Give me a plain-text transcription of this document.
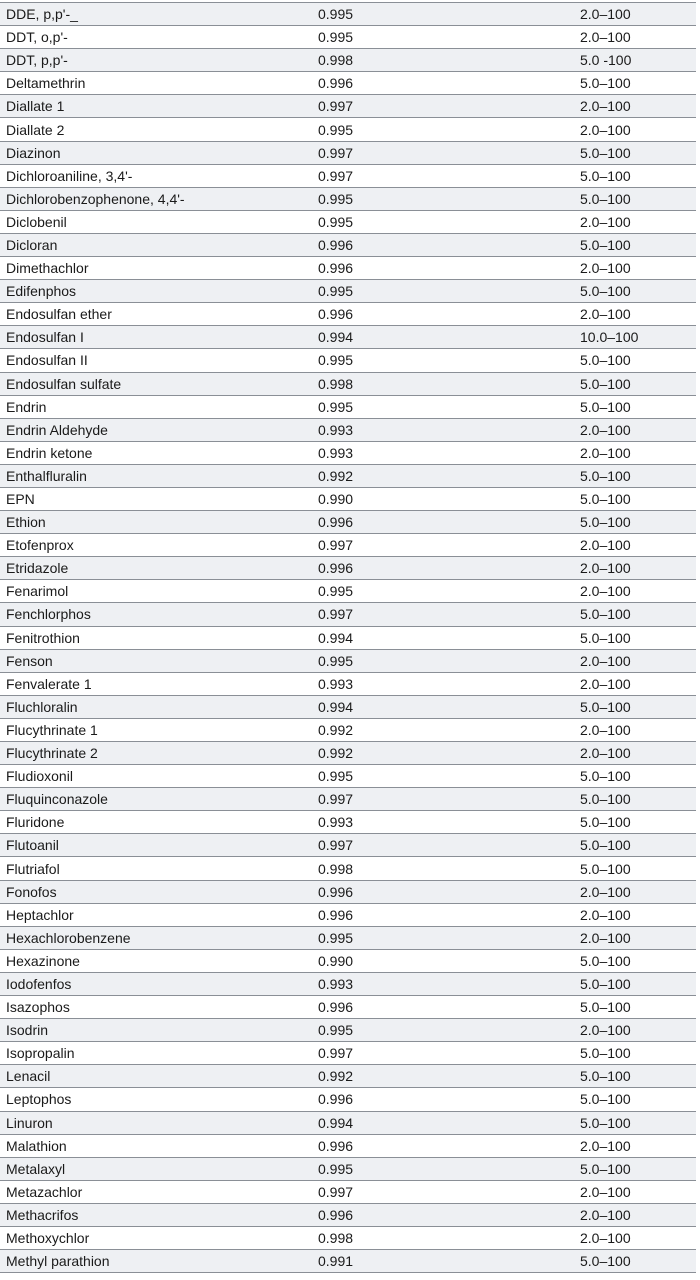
DDE, p,p'-_	0.995	2.0–100
DDT, o,p'-	0.995	2.0–100
DDT, p,p'-	0.998	5.0 -100
Deltamethrin	0.996	5.0–100
Diallate 1	0.997	2.0–100
Diallate 2	0.995	2.0–100
Diazinon	0.997	5.0–100
Dichloroaniline, 3,4'-	0.997	5.0–100
Dichlorobenzophenone, 4,4'-	0.995	5.0–100
Diclobenil	0.995	2.0–100
Dicloran	0.996	5.0–100
Dimethachlor	0.996	2.0–100
Edifenphos	0.995	5.0–100
Endosulfan ether	0.996	2.0–100
Endosulfan I	0.994	10.0–100
Endosulfan II	0.995	5.0–100
Endosulfan sulfate	0.998	5.0–100
Endrin	0.995	5.0–100
Endrin Aldehyde	0.993	2.0–100
Endrin ketone	0.993	2.0–100
Enthalfluralin	0.992	5.0–100
EPN	0.990	5.0–100
Ethion	0.996	5.0–100
Etofenprox	0.997	2.0–100
Etridazole	0.996	2.0–100
Fenarimol	0.995	2.0–100
Fenchlorphos	0.997	5.0–100
Fenitrothion	0.994	5.0–100
Fenson	0.995	2.0–100
Fenvalerate 1	0.993	2.0–100
Fluchloralin	0.994	5.0–100
Flucythrinate 1	0.992	2.0–100
Flucythrinate 2	0.992	2.0–100
Fludioxonil	0.995	5.0–100
Fluquinconazole	0.997	5.0–100
Fluridone	0.993	5.0–100
Flutoanil	0.997	5.0–100
Flutriafol	0.998	5.0–100
Fonofos	0.996	2.0–100
Heptachlor	0.996	2.0–100
Hexachlorobenzene	0.995	2.0–100
Hexazinone	0.990	5.0–100
Iodofenfos	0.993	5.0–100
Isazophos	0.996	5.0–100
Isodrin	0.995	2.0–100
Isopropalin	0.997	5.0–100
Lenacil	0.992	5.0–100
Leptophos	0.996	5.0–100
Linuron	0.994	5.0–100
Malathion	0.996	2.0–100
Metalaxyl	0.995	5.0–100
Metazachlor	0.997	2.0–100
Methacrifos	0.996	2.0–100
Methoxychlor	0.998	2.0–100
Methyl parathion	0.991	5.0–100
